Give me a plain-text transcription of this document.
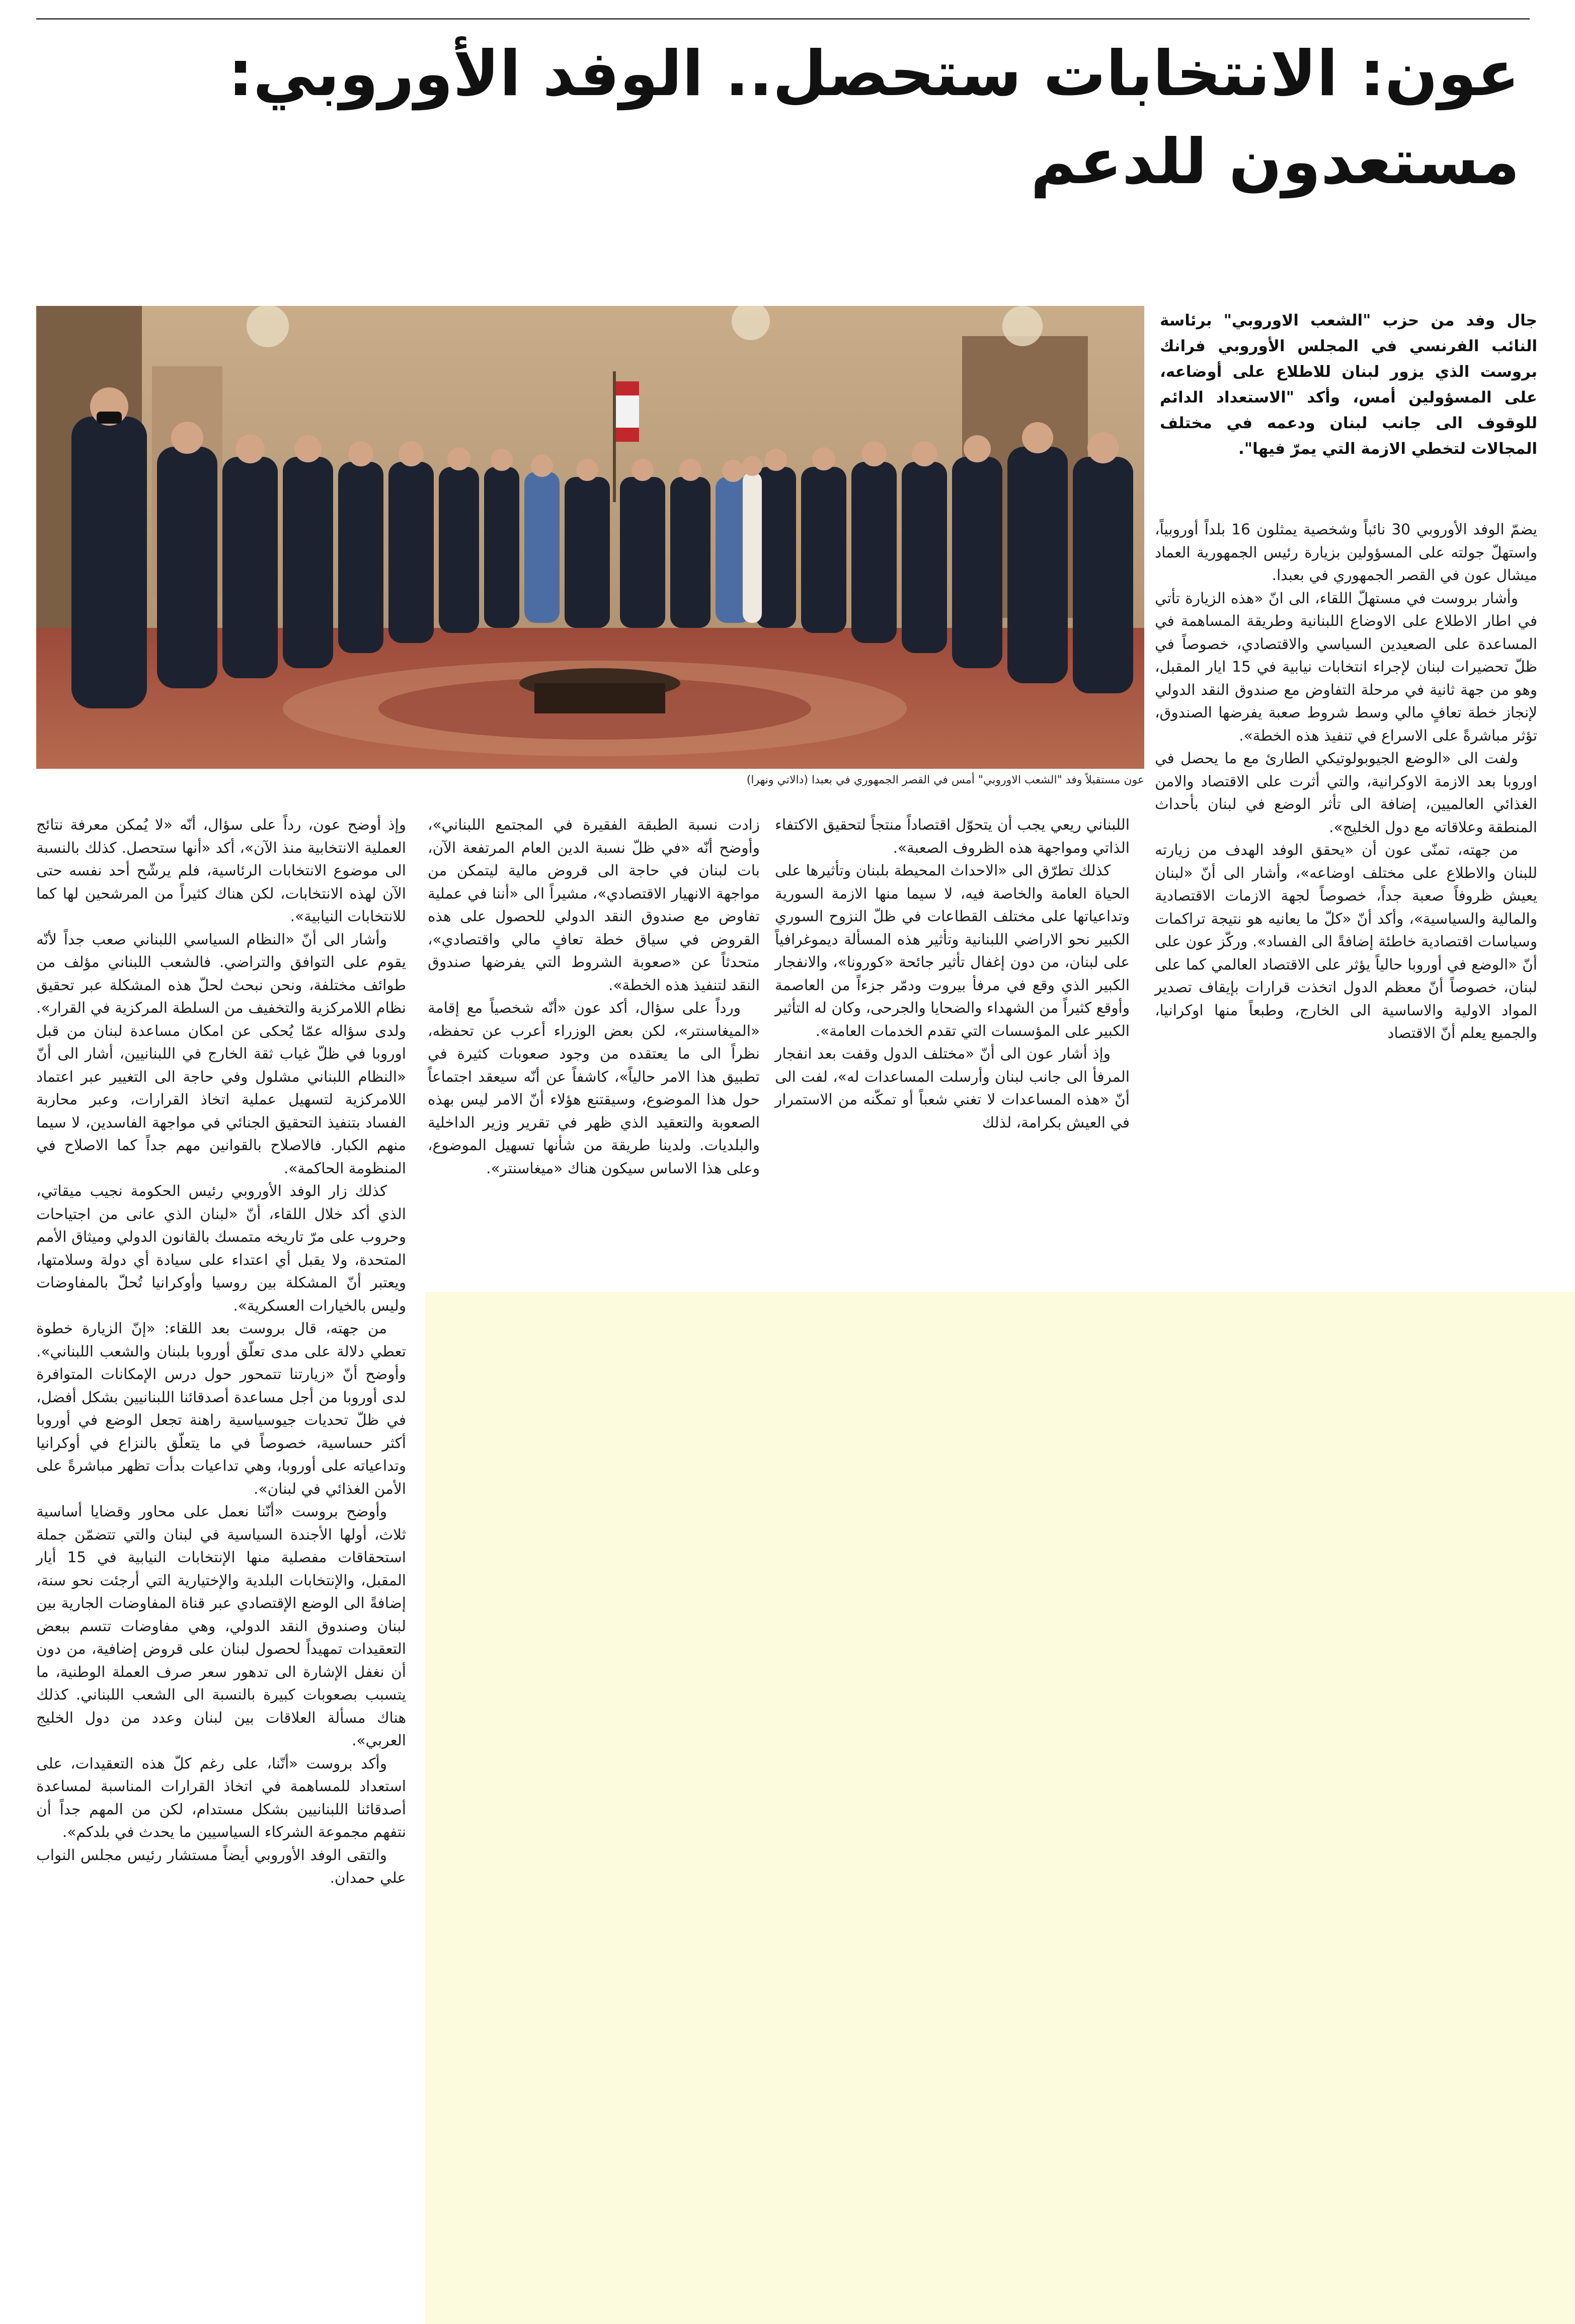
عون: الانتخابات ستحصل.. الوفد الأوروبي:
مستعدون للدعم
عون مستقبلاً وفد "الشعب الاوروبي" أمس في القصر الجمهوري في بعبدا (دالاتي ونهرا)
جال وفد من حزب "الشعب الاوروبي" برئاسة النائب الفرنسي في المجلس الأوروبي فرانك بروست الذي يزور لبنان للاطلاع على أوضاعه، على المسؤولين أمس، وأكد "الاستعداد الدائم للوقوف الى جانب لبنان ودعمه في مختلف المجالات لتخطي الازمة التي يمرّ فيها".

يضمّ الوفد الأوروبي 30 نائباً وشخصية يمثلون 16 بلداً أوروبياً، واستهلّ جولته على المسؤولين بزيارة رئيس الجمهورية العماد ميشال عون في القصر الجمهوري في بعبدا.

وأشار بروست في مستهلّ اللقاء، الى انّ «هذه الزيارة تأتي في اطار الاطلاع على الاوضاع اللبنانية وطريقة المساهمة في المساعدة على الصعيدين السياسي والاقتصادي، خصوصاً في ظلّ تحضيرات لبنان لإجراء انتخابات نيابية في 15 ايار المقبل، وهو من جهة ثانية في مرحلة التفاوض مع صندوق النقد الدولي لإنجاز خطة تعافٍ مالي وسط شروط صعبة يفرضها الصندوق، تؤثر مباشرةً على الاسراع في تنفيذ هذه الخطة».

ولفت الى «الوضع الجيوبولوتيكي الطارئ مع ما يحصل في اوروبا بعد الازمة الاوكرانية، والتي أثرت على الاقتصاد والامن الغذائي العالميين، إضافة الى تأثر الوضع في لبنان بأحداث المنطقة وعلاقاته مع دول الخليج».

من جهته، تمنّى عون أن «يحقق الوفد الهدف من زيارته للبنان والاطلاع على مختلف اوضاعه»، وأشار الى أنّ «لبنان يعيش ظروفاً صعبة جداً، خصوصاً لجهة الازمات الاقتصادية والمالية والسياسية»، وأكد أنّ «كلّ ما يعانيه هو نتيجة تراكمات وسياسات اقتصادية خاطئة إضافةً الى الفساد». وركّز عون على أنّ «الوضع في أوروبا حالياً يؤثر على الاقتصاد العالمي كما على لبنان، خصوصاً أنّ معظم الدول اتخذت قرارات بإيقاف تصدير المواد الاولية والاساسية الى الخارج، وطبعاً منها اوكرانيا، والجميع يعلم أنّ الاقتصاد

اللبناني ريعي يجب أن يتحوّل اقتصاداً منتجاً لتحقيق الاكتفاء الذاتي ومواجهة هذه الظروف الصعبة».

كذلك تطرّق الى «الاحداث المحيطة بلبنان وتأثيرها على الحياة العامة والخاصة فيه، لا سيما منها الازمة السورية وتداعياتها على مختلف القطاعات في ظلّ النزوح السوري الكبير نحو الاراضي اللبنانية وتأثير هذه المسألة ديموغرافياً على لبنان، من دون إغفال تأثير جائحة «كورونا»، والانفجار الكبير الذي وقع في مرفأ بيروت ودمّر جزءاً من العاصمة وأوقع كثيراً من الشهداء والضحايا والجرحى، وكان له التأثير الكبير على المؤسسات التي تقدم الخدمات العامة».

وإذ أشار عون الى أنّ «مختلف الدول وقفت بعد انفجار المرفأ الى جانب لبنان وأرسلت المساعدات له»، لفت الى أنّ «هذه المساعدات لا تغني شعباً أو تمكّنه من الاستمرار في العيش بكرامة، لذلك

زادت نسبة الطبقة الفقيرة في المجتمع اللبناني»، وأوضح أنّه «في ظلّ نسبة الدين العام المرتفعة الآن، بات لبنان في حاجة الى قروض مالية ليتمكن من مواجهة الانهيار الاقتصادي»، مشيراً الى «أننا في عملية تفاوض مع صندوق النقد الدولي للحصول على هذه القروض في سياق خطة تعافٍ مالي واقتصادي»، متحدثاً عن «صعوبة الشروط التي يفرضها صندوق النقد لتنفيذ هذه الخطة».

ورداً على سؤال، أكد عون «أنّه شخصياً مع إقامة «الميغاسنتر»، لكن بعض الوزراء أعرب عن تحفظه، نظراً الى ما يعتقده من وجود صعوبات كثيرة في تطبيق هذا الامر حالياً»، كاشفاً عن أنّه سيعقد اجتماعاً حول هذا الموضوع، وسيقتنع هؤلاء أنّ الامر ليس بهذه الصعوبة والتعقيد الذي ظهر في تقرير وزير الداخلية والبلديات. ولدينا طريقة من شأنها تسهيل الموضوع، وعلى هذا الاساس سيكون هناك «ميغاسنتر».

وإذ أوضح عون، رداً على سؤال، أنّه «لا يُمكن معرفة نتائج العملية الانتخابية منذ الآن»، أكد «أنها ستحصل. كذلك بالنسبة الى موضوع الانتخابات الرئاسية، فلم يرشّح أحد نفسه حتى الآن لهذه الانتخابات، لكن هناك كثيراً من المرشحين لها كما للانتخابات النيابية».

وأشار الى أنّ «النظام السياسي اللبناني صعب جداً لأنّه يقوم على التوافق والتراضي. فالشعب اللبناني مؤلف من طوائف مختلفة، ونحن نبحث لحلّ هذه المشكلة عبر تحقيق نظام اللامركزية والتخفيف من السلطة المركزية في القرار». ولدى سؤاله عمّا يُحكى عن امكان مساعدة لبنان من قبل اوروبا في ظلّ غياب ثقة الخارج في اللبنانيين، أشار الى أنّ «النظام اللبناني مشلول وفي حاجة الى التغيير عبر اعتماد اللامركزية لتسهيل عملية اتخاذ القرارات، وعبر محاربة الفساد بتنفيذ التحقيق الجنائي في مواجهة الفاسدين، لا سيما منهم الكبار. فالاصلاح بالقوانين مهم جداً كما الاصلاح في المنظومة الحاكمة».

كذلك زار الوفد الأوروبي رئيس الحكومة نجيب ميقاتي، الذي أكد خلال اللقاء، أنّ «لبنان الذي عانى من اجتياحات وحروب على مرّ تاريخه متمسك بالقانون الدولي وميثاق الأمم المتحدة، ولا يقبل أي اعتداء على سيادة أي دولة وسلامتها، ويعتبر أنّ المشكلة بين روسيا وأوكرانيا تُحلّ بالمفاوضات وليس بالخيارات العسكرية».

من جهته، قال بروست بعد اللقاء: «إنّ الزيارة خطوة تعطي دلالة على مدى تعلّق أوروبا بلبنان والشعب اللبناني». وأوضح أنّ «زيارتنا تتمحور حول درس الإمكانات المتوافرة لدى أوروبا من أجل مساعدة أصدقائنا اللبنانيين بشكل أفضل، في ظلّ تحديات جيوسياسية راهنة تجعل الوضع في أوروبا أكثر حساسية، خصوصاً في ما يتعلّق بالنزاع في أوكرانيا وتداعياته على أوروبا، وهي تداعيات بدأت تظهر مباشرةً على الأمن الغذائي في لبنان».

وأوضح بروست «أنّنا نعمل على محاور وقضايا أساسية ثلاث، أولها الأجندة السياسية في لبنان والتي تتضمّن جملة استحقاقات مفصلية منها الإنتخابات النيابية في 15 أيار المقبل، والإنتخابات البلدية والإختيارية التي أرجئت نحو سنة، إضافةً الى الوضع الإقتصادي عبر قناة المفاوضات الجارية بين لبنان وصندوق النقد الدولي، وهي مفاوضات تتسم ببعض التعقيدات تمهيداً لحصول لبنان على قروض إضافية، من دون أن نغفل الإشارة الى تدهور سعر صرف العملة الوطنية، ما يتسبب بصعوبات كبيرة بالنسبة الى الشعب اللبناني. كذلك هناك مسألة العلاقات بين لبنان وعدد من دول الخليج العربي».

وأكد بروست «أنّنا، على رغم كلّ هذه التعقيدات، على استعداد للمساهمة في اتخاذ القرارات المناسبة لمساعدة أصدقائنا اللبنانيين بشكل مستدام، لكن من المهم جداً أن نتفهم مجموعة الشركاء السياسيين ما يحدث في بلدكم».

والتقى الوفد الأوروبي أيضاً مستشار رئيس مجلس النواب علي حمدان.
